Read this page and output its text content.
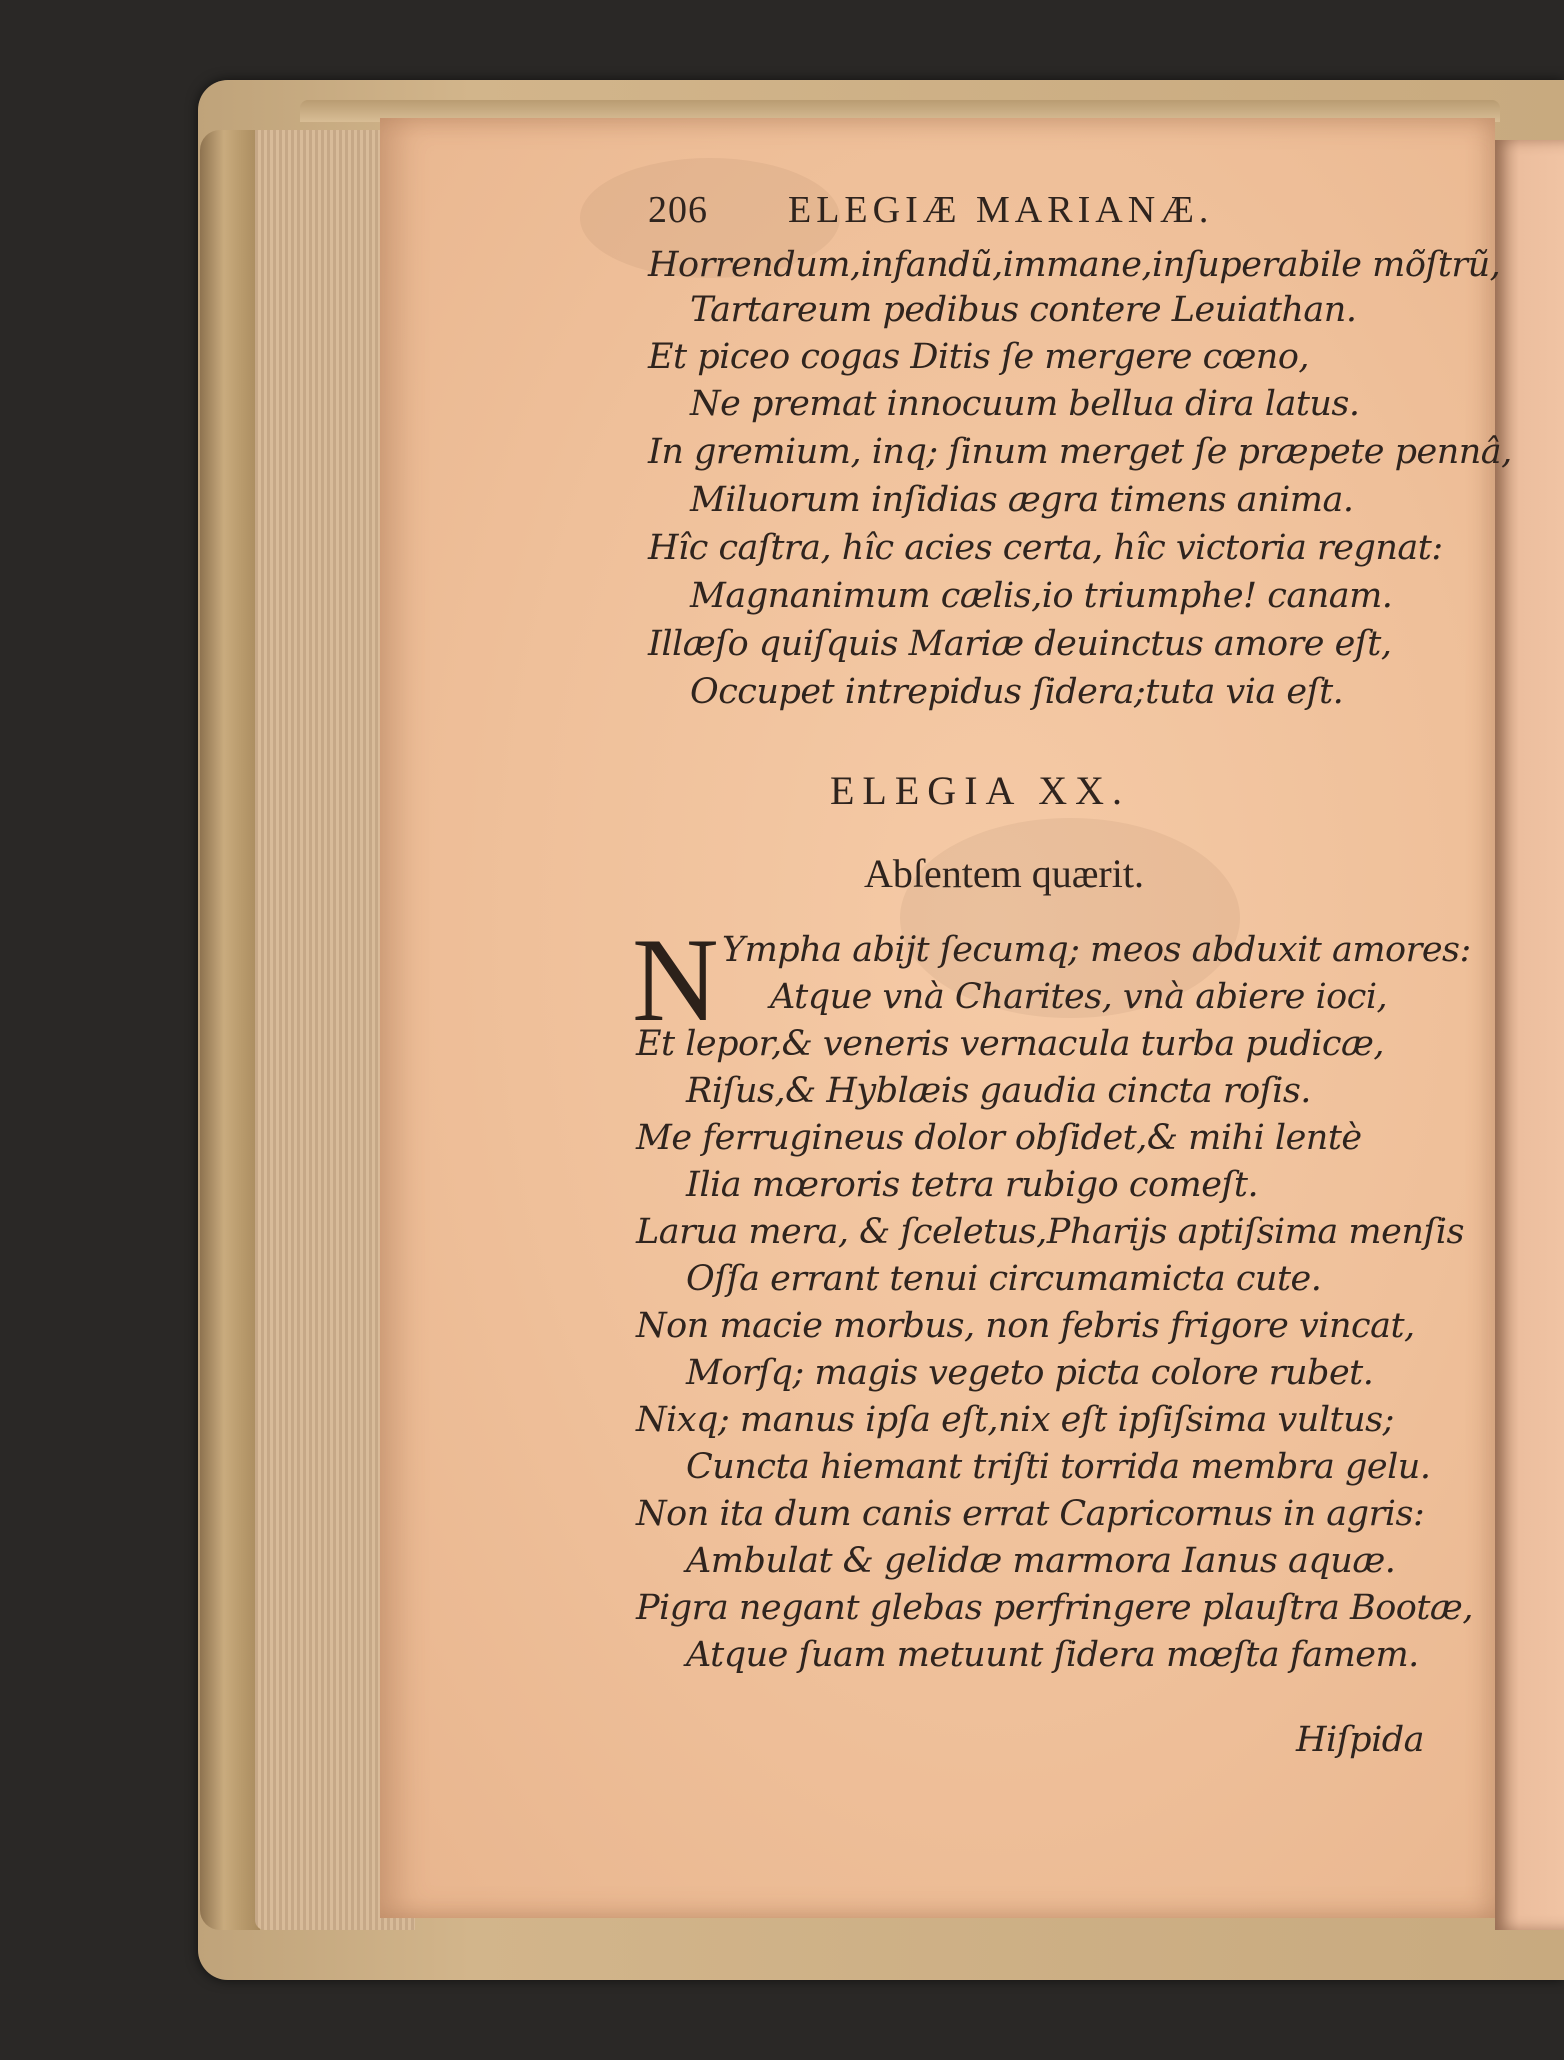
206 ELEGIÆ MARIANÆ.
Horrendum,infandũ,immane,inſuperabile mõſtrũ,
Tartareum pedibus contere Leuiathan.
Et piceo cogas Ditis ſe mergere cœno,
Ne premat innocuum bellua dira latus.
In gremium, inq; ſinum merget ſe præpete pennâ,
Miluorum inſidias ægra timens anima.
Hîc caſtra, hîc acies certa, hîc victoria regnat:
Magnanimum cælis,io triumphe! canam.
Illæſo quiſquis Mariæ deuinctus amore eſt,
Occupet intrepidus ſidera;tuta via eſt.
ELEGIA XX.
Abſentem quærit.
N Ympha abijt ſecumq; meos abduxit amores:
Atque vnà Charites, vnà abiere ioci,
Et lepor,& veneris vernacula turba pudicæ,
Riſus,& Hyblæis gaudia cincta roſis.
Me ferrugineus dolor obſidet,& mihi lentè
Ilia mœroris tetra rubigo comeſt.
Larua mera, & ſceletus,Pharijs aptiſsima menſis
Oſſa errant tenui circumamicta cute.
Non macie morbus, non febris frigore vincat,
Morſq; magis vegeto picta colore rubet.
Nixq; manus ipſa eſt,nix eſt ipſiſsima vultus;
Cuncta hiemant triſti torrida membra gelu.
Non ita dum canis errat Capricornus in agris:
Ambulat & gelidæ marmora Ianus aquæ.
Pigra negant glebas perfringere plauſtra Bootæ,
Atque ſuam metuunt ſidera mœſta famem.
Hiſpida
